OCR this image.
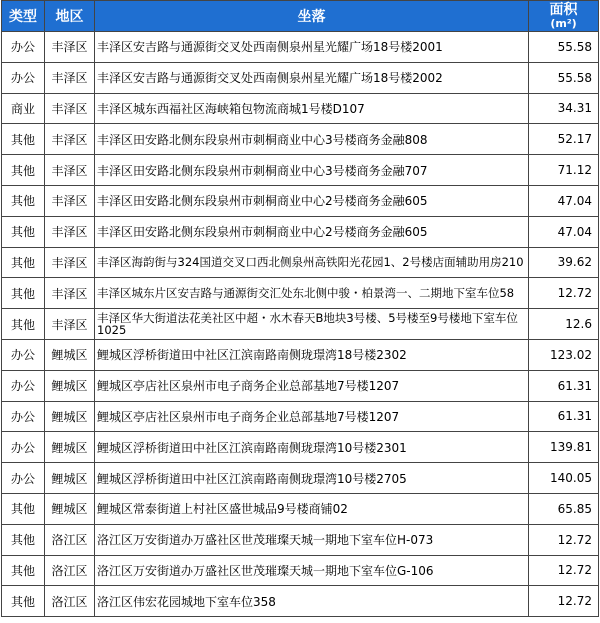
类型	地区	坐落	面积
(m²)

办公	丰泽区	丰泽区安吉路与通源街交叉处西南侧泉州星光耀广场18号楼2001	55.58
办公	丰泽区	丰泽区安吉路与通源街交叉处西南侧泉州星光耀广场18号楼2002	55.58
商业	丰泽区	丰泽区城东西福社区海峡箱包物流商城1号楼D107	34.31
其他	丰泽区	丰泽区田安路北侧东段泉州市刺桐商业中心3号楼商务金融808	52.17
其他	丰泽区	丰泽区田安路北侧东段泉州市刺桐商业中心3号楼商务金融707	71.12
其他	丰泽区	丰泽区田安路北侧东段泉州市刺桐商业中心2号楼商务金融605	47.04
其他	丰泽区	丰泽区田安路北侧东段泉州市刺桐商业中心2号楼商务金融605	47.04
其他	丰泽区	丰泽区海韵街与324国道交叉口西北侧泉州高铁阳光花园1、2号楼店面辅助用房210	39.62
其他	丰泽区	丰泽区城东片区安吉路与通源街交汇处东北侧中骏・柏景湾一、二期地下室车位58	12.72
其他	丰泽区	丰泽区华大街道法花美社区中超・水木春天B地块3号楼、5号楼至9号楼地下室车位1025	12.6
办公	鲤城区	鲤城区浮桥街道田中社区江滨南路南侧珑璟湾18号楼2302	123.02
办公	鲤城区	鲤城区亭店社区泉州市电子商务企业总部基地7号楼1207	61.31
办公	鲤城区	鲤城区亭店社区泉州市电子商务企业总部基地7号楼1207	61.31
办公	鲤城区	鲤城区浮桥街道田中社区江滨南路南侧珑璟湾10号楼2301	139.81
办公	鲤城区	鲤城区浮桥街道田中社区江滨南路南侧珑璟湾10号楼2705	140.05
其他	鲤城区	鲤城区常泰街道上村社区盛世城品9号楼商铺02	65.85
其他	洛江区	洛江区万安街道办万盛社区世茂璀璨天城一期地下室车位H-073	12.72
其他	洛江区	洛江区万安街道办万盛社区世茂璀璨天城一期地下室车位G-106	12.72
其他	洛江区	洛江区伟宏花园城地下室车位358	12.72
